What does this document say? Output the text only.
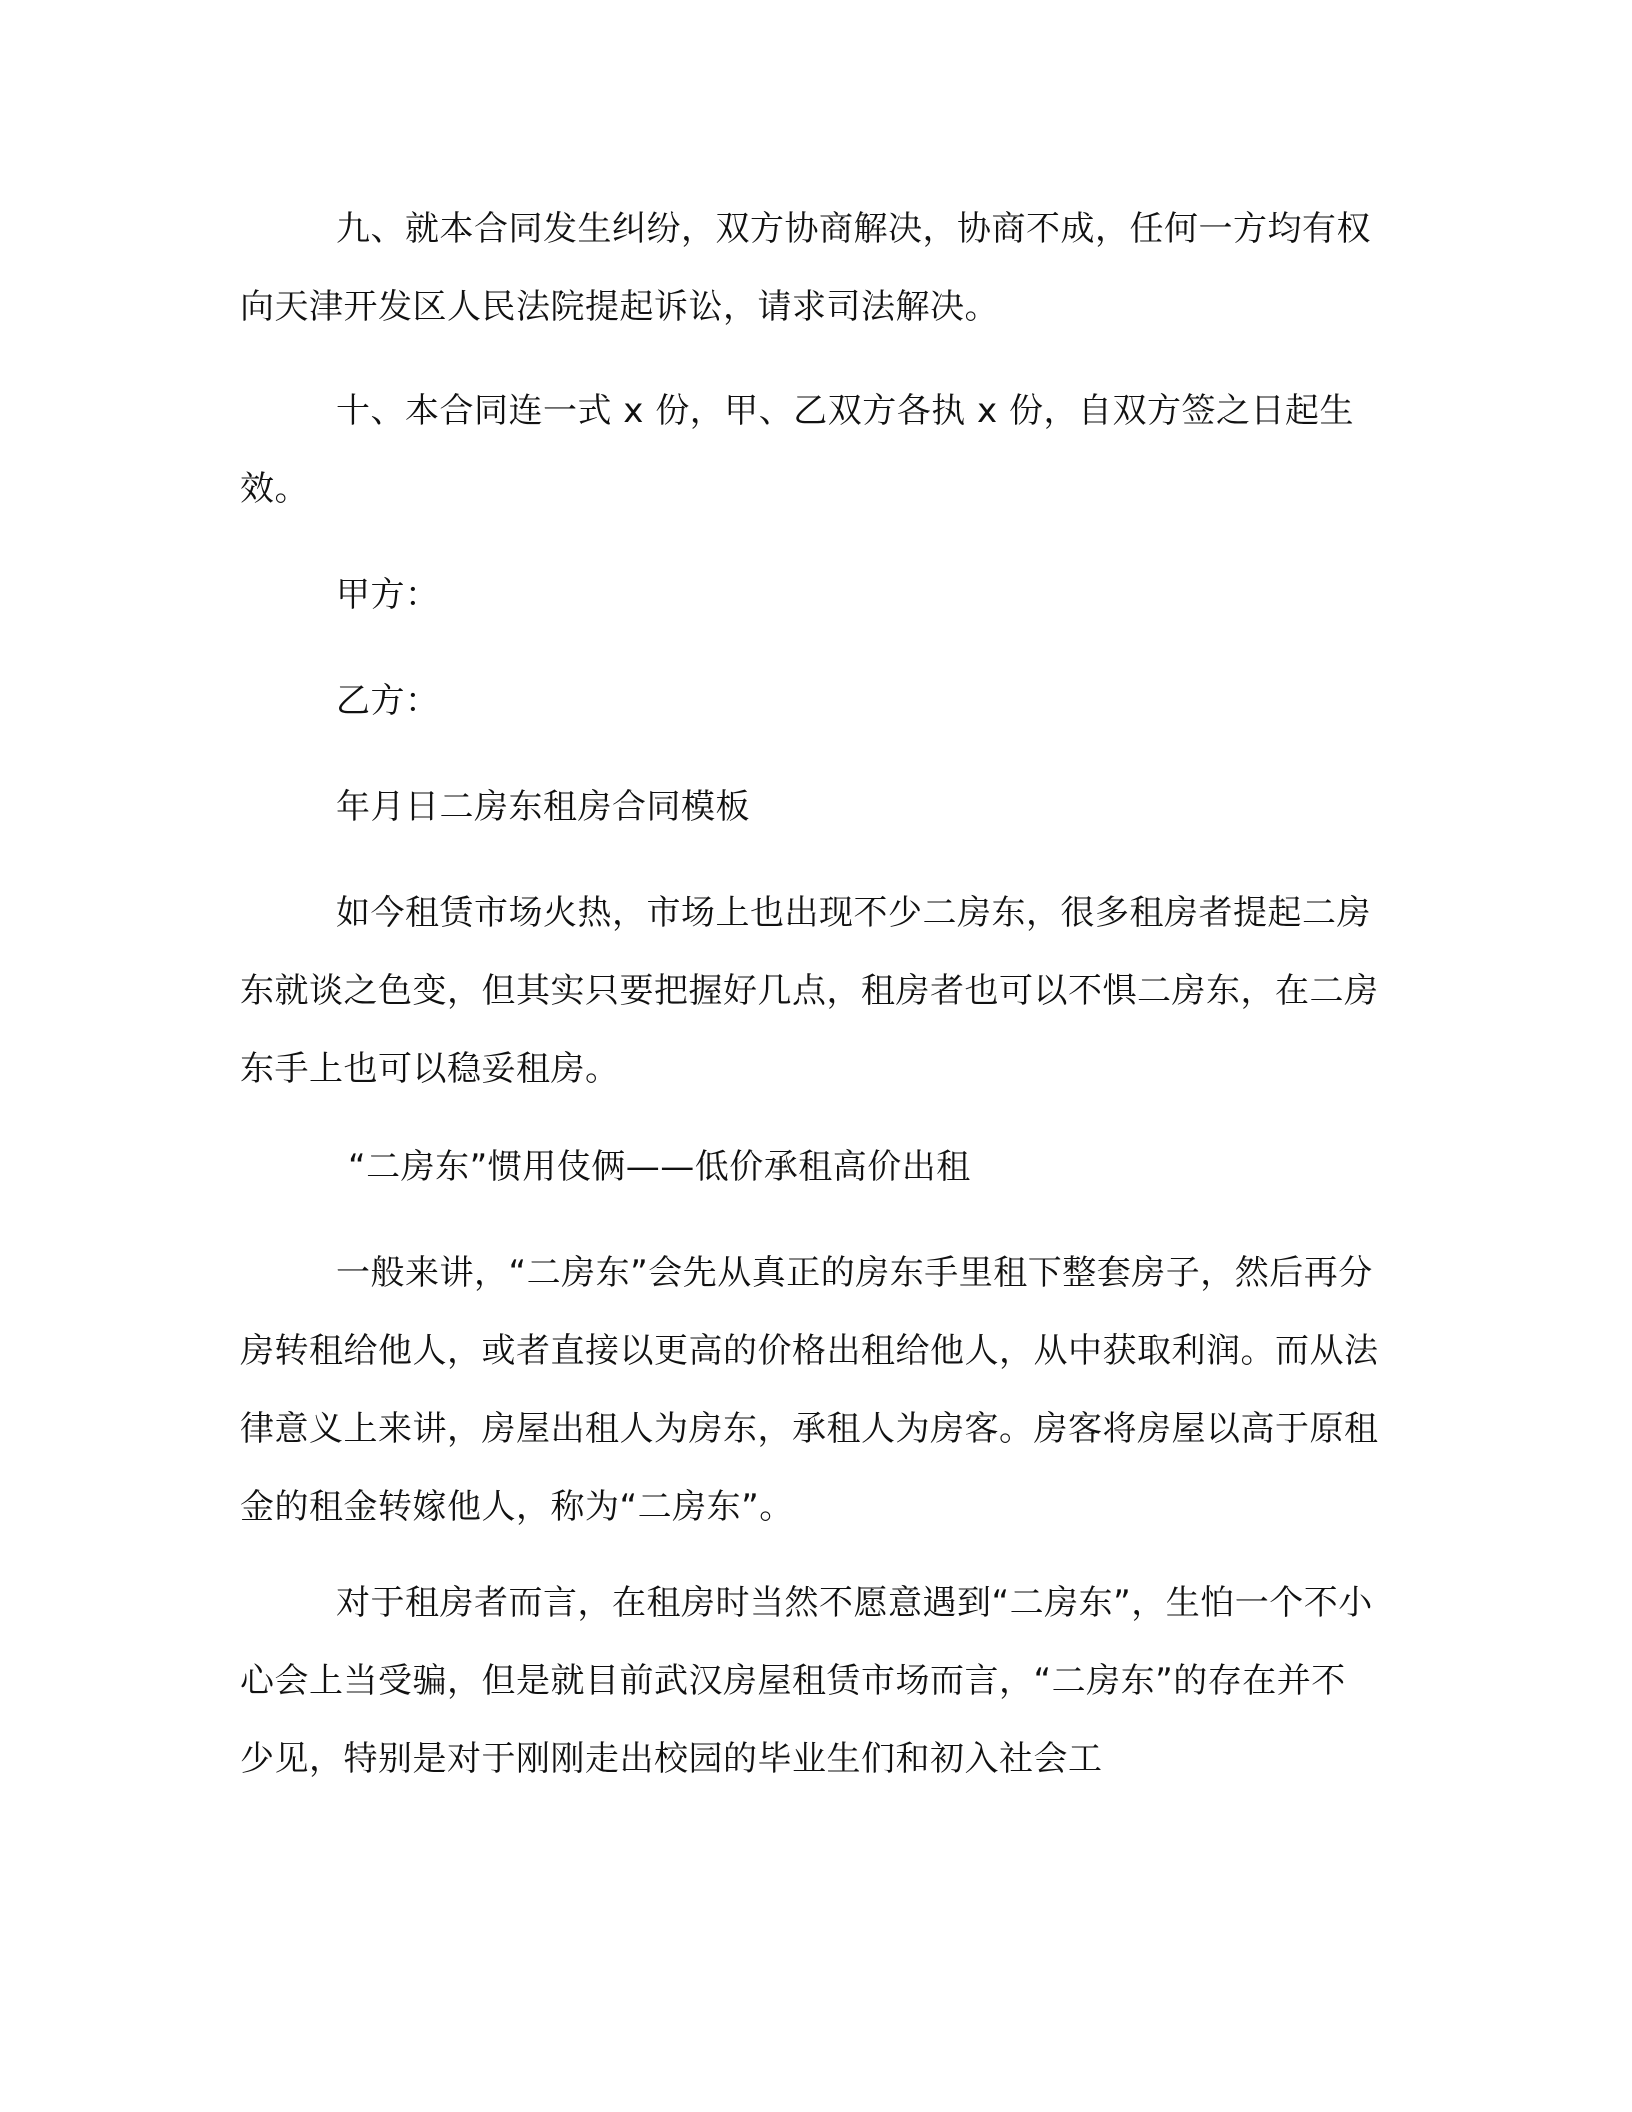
九、就本合同发生纠纷，双方协商解决，协商不成，任何一方均有权向天津开发区人民法院提起诉讼，请求司法解决。

十、本合同连一式 x 份，甲、乙双方各执 x 份，自双方签之日起生效。

甲方：

乙方：

年月日二房东租房合同模板

如今租赁市场火热，市场上也出现不少二房东，很多租房者提起二房东就谈之色变，但其实只要把握好几点，租房者也可以不惧二房东，在二房东手上也可以稳妥租房。

“二房东”惯用伎俩——低价承租高价出租

一般来讲，“二房东”会先从真正的房东手里租下整套房子，然后再分房转租给他人，或者直接以更高的价格出租给他人，从中获取利润。而从法律意义上来讲，房屋出租人为房东，承租人为房客。房客将房屋以高于原租金的租金转嫁他人，称为“二房东”。

对于租房者而言，在租房时当然不愿意遇到“二房东”，生怕一个不小心会上当受骗，但是就目前武汉房屋租赁市场而言，“二房东”的存在并不少见，特别是对于刚刚走出校园的毕业生们和初入社会工
